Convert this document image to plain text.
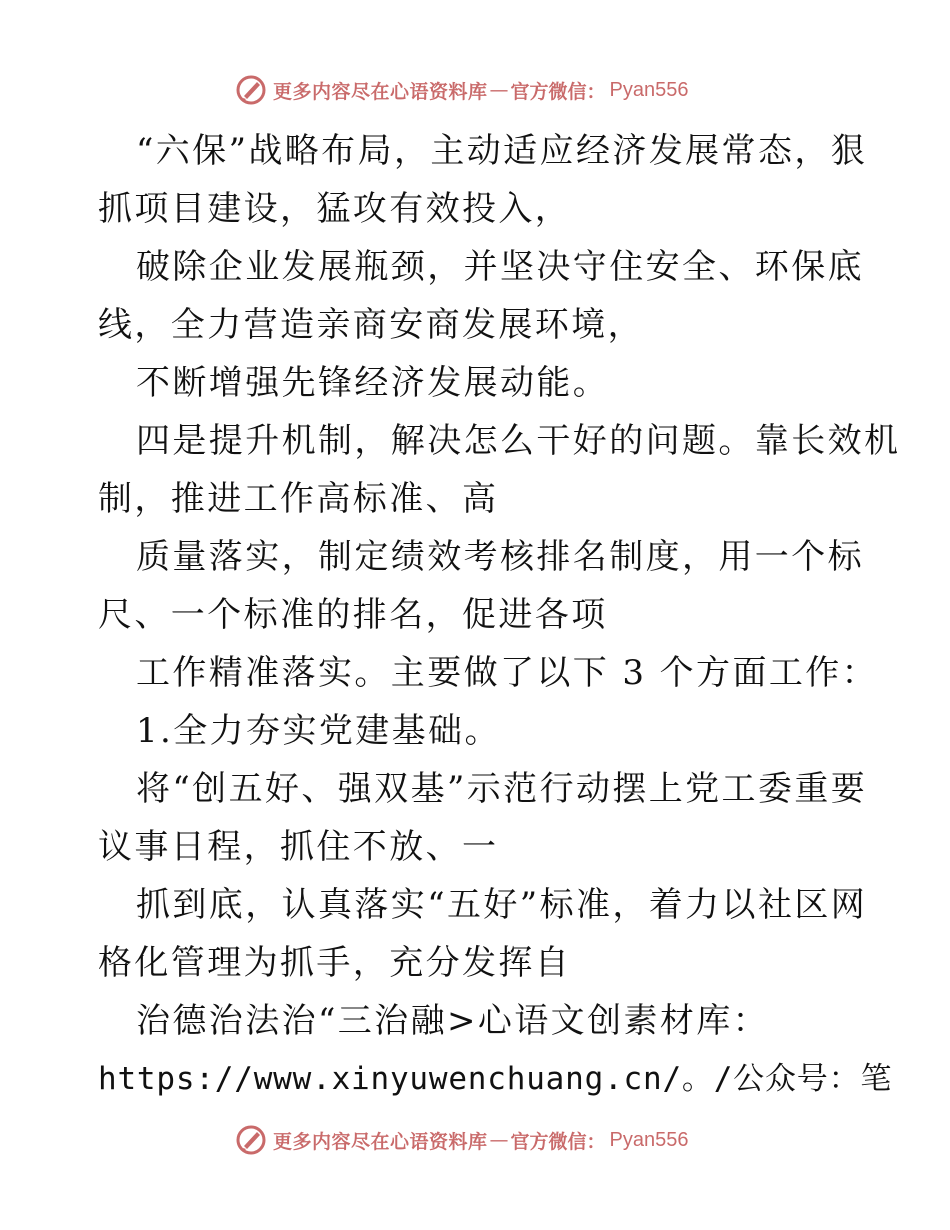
更多内容尽在心语资料库 — 官方微信： Pyan556
“六保”战略布局，主动适应经济发展常态，狠
抓项目建设，猛攻有效投入，
破除企业发展瓶颈，并坚决守住安全、环保底
线，全力营造亲商安商发展环境，
不断增强先锋经济发展动能。
四是提升机制，解决怎么干好的问题。靠长效机
制，推进工作高标准、高
质量落实，制定绩效考核排名制度，用一个标
尺、一个标准的排名，促进各项
工作精准落实。主要做了以下 3 个方面工作：
1.全力夯实党建基础。
将“创五好、强双基”示范行动摆上党工委重要
议事日程，抓住不放、一
抓到底，认真落实“五好”标准，着力以社区网
格化管理为抓手，充分发挥自
治德治法治“三治融>心语文创素材库：
https://www.xinyuwenchuang.cn/。/公众号：笔
更多内容尽在心语资料库 — 官方微信： Pyan556
